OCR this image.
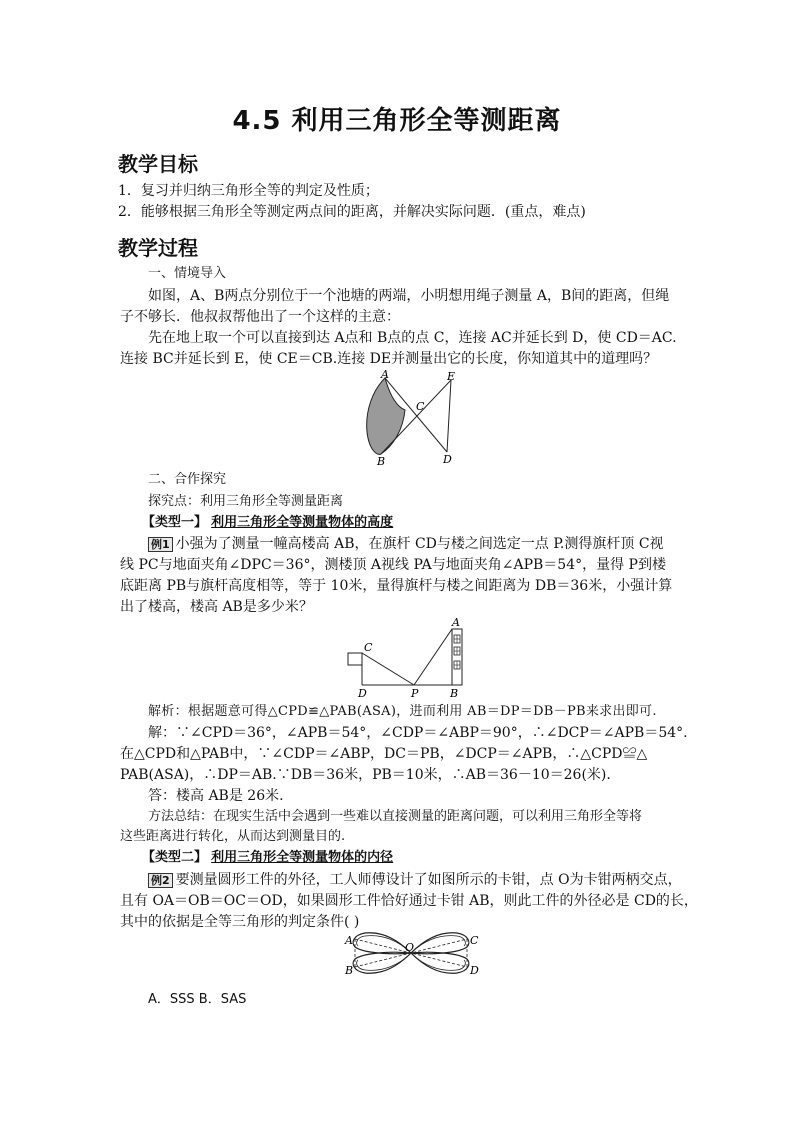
4.5 利用三角形全等测距离
教学目标
1．复习并归纳三角形全等的判定及性质；
2．能够根据三角形全等测定两点间的距离，并解决实际问题．(重点，难点)
教学过程
一、情境导入
如图，A、B两点分别位于一个池塘的两端，小明想用绳子测量 A，B间的距离，但绳
子不够长．他叔叔帮他出了一个这样的主意：
先在地上取一个可以直接到达 A点和 B点的点 C，连接 AC并延长到 D，使 CD＝AC.
连接 BC并延长到 E，使 CE＝CB.连接 DE并测量出它的长度，你知道其中的道理吗？
A
B
C
D
E
二、合作探究
探究点：利用三角形全等测量距离
【类型一】 利用三角形全等测量物体的高度
例1 小强为了测量一幢高楼高 AB，在旗杆 CD与楼之间选定一点 P.测得旗杆顶 C视
线 PC与地面夹角∠DPC＝36°，测楼顶 A视线 PA与地面夹角∠APB＝54°，量得 P到楼
底距离 PB与旗杆高度相等，等于 10米，量得旗杆与楼之间距离为 DB＝36米，小强计算
出了楼高，楼高 AB是多少米？
A
C
D	P	B
解析：根据题意可得△CPD≌△PAB(ASA)，进而利用 AB＝DP＝DB－PB来求出即可.
解：∵∠CPD＝36°，∠APB＝54°，∠CDP＝∠ABP＝90°，∴∠DCP＝∠APB＝54°.
在△CPD和△PAB中，∵∠CDP＝∠ABP，DC＝PB，∠DCP＝∠APB，∴△CPD≌△
PAB(ASA)，∴DP＝AB.∵DB＝36米，PB＝10米，∴AB＝36－10＝26(米).
答：楼高 AB是 26米.
方法总结：在现实生活中会遇到一些难以直接测量的距离问题，可以利用三角形全等将
这些距离进行转化，从而达到测量目的.
【类型二】 利用三角形全等测量物体的内径
例2 要测量圆形工件的外径，工人师傅设计了如图所示的卡钳，点 O为卡钳两柄交点，
且有 OA＝OB＝OC＝OD，如果圆形工件恰好通过卡钳 AB，则此工件的外径必是 CD的长，
其中的依据是全等三角形的判定条件( )
A
B
O
C
D
A．SSS B．SAS
